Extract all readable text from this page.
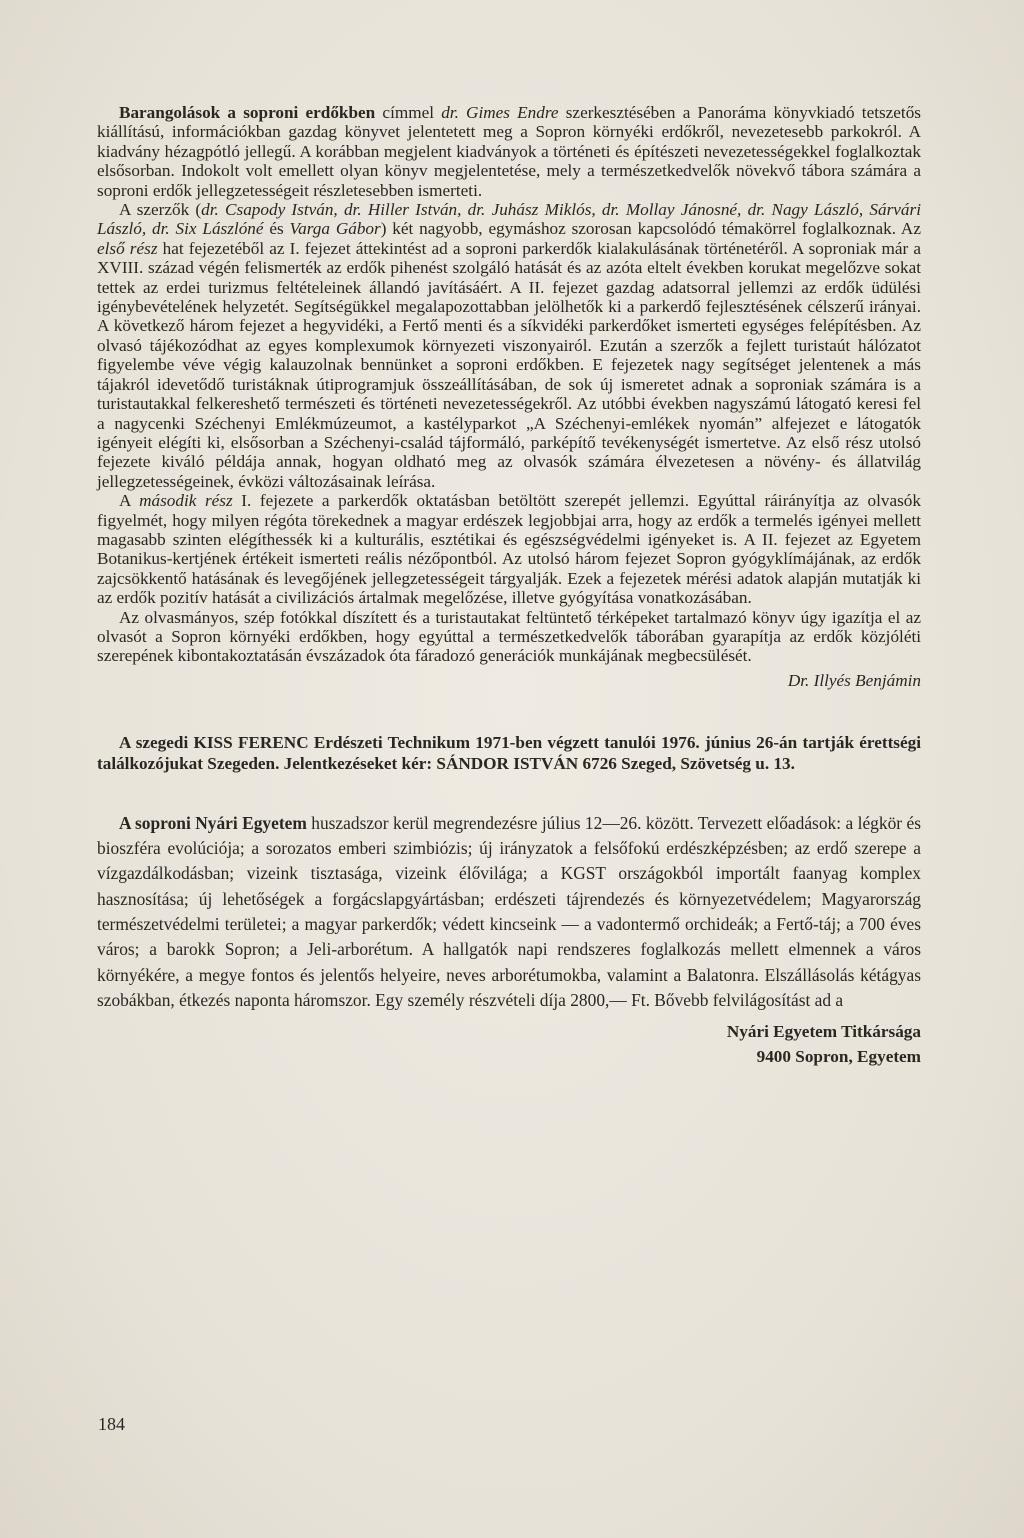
Barangolások a soproni erdőkben címmel dr. Gimes Endre szerkesztésében a Panoráma könyvkiadó tetszetős kiállítású, információkban gazdag könyvet jelentetett meg a Sopron környéki erdőkről, nevezetesebb parkokról. A kiadvány hézagpótló jellegű. A korábban megjelent kiadványok a történeti és építészeti nevezetességekkel foglalkoztak elsősorban. Indokolt volt emellett olyan könyv megjelentetése, mely a természetkedvelők növekvő tábora számára a soproni erdők jellegzetességeit részletesebben ismerteti.

A szerzők (dr. Csapody István, dr. Hiller István, dr. Juhász Miklós, dr. Mollay Jánosné, dr. Nagy László, Sárvári László, dr. Six Lászlóné és Varga Gábor) két nagyobb, egymáshoz szorosan kapcsolódó témakörrel foglalkoznak. Az első rész hat fejezetéből az I. fejezet áttekintést ad a soproni parkerdők kialakulásának történetéről. A soproniak már a XVIII. század végén felismerték az erdők pihenést szolgáló hatását és az azóta eltelt években korukat megelőzve sokat tettek az erdei turizmus feltételeinek állandó javításáért. A II. fejezet gazdag adatsorral jellemzi az erdők üdülési igénybevételének helyzetét. Segítségükkel megalapozottabban jelölhetők ki a parkerdő fejlesztésének célszerű irányai. A következő három fejezet a hegyvidéki, a Fertő menti és a síkvidéki parkerdőket ismerteti egységes felépítésben. Az olvasó tájékozódhat az egyes komplexumok környezeti viszonyairól. Ezután a szerzők a fejlett turistaút hálózatot figyelembe véve végig kalauzolnak bennünket a soproni erdőkben. E fejezetek nagy segítséget jelentenek a más tájakról idevetődő turistáknak útiprogramjuk összeállításában, de sok új ismeretet adnak a soproniak számára is a turistautakkal felkereshető természeti és történeti nevezetességekről. Az utóbbi években nagyszámú látogató keresi fel a nagycenki Széchenyi Emlékmúzeumot, a kastélyparkot „A Széchenyi-emlékek nyomán” alfejezet e látogatók igényeit elégíti ki, elsősorban a Széchenyi-család tájformáló, parképítő tevékenységét ismertetve. Az első rész utolsó fejezete kiváló példája annak, hogyan oldható meg az olvasók számára élvezetesen a növény- és állatvilág jellegzetességeinek, évközi változásainak leírása.

A második rész I. fejezete a parkerdők oktatásban betöltött szerepét jellemzi. Egyúttal ráirányítja az olvasók figyelmét, hogy milyen régóta törekednek a magyar erdészek legjobbjai arra, hogy az erdők a termelés igényei mellett magasabb szinten elégíthessék ki a kulturális, esztétikai és egészségvédelmi igényeket is. A II. fejezet az Egyetem Botanikus-kertjének értékeit ismerteti reális nézőpontból. Az utolsó három fejezet Sopron gyógyklímájának, az erdők zajcsökkentő hatásának és levegőjének jellegzetességeit tárgyalják. Ezek a fejezetek mérési adatok alapján mutatják ki az erdők pozitív hatását a civilizációs ártalmak megelőzése, illetve gyógyítása vonatkozásában.

Az olvasmányos, szép fotókkal díszített és a turistautakat feltüntető térképeket tartalmazó könyv úgy igazítja el az olvasót a Sopron környéki erdőkben, hogy egyúttal a természetkedvelők táborában gyarapítja az erdők közjóléti szerepének kibontakoztatásán évszázadok óta fáradozó generációk munkájának megbecsülését.

Dr. Illyés Benjámin
A szegedi KISS FERENC Erdészeti Technikum 1971-ben végzett tanulói 1976. június 26-án tartják érettségi találkozójukat Szegeden. Jelentkezéseket kér: SÁNDOR ISTVÁN 6726 Szeged, Szövetség u. 13.

A soproni Nyári Egyetem huszadszor kerül megrendezésre július 12—26. között. Tervezett előadások: a légkör és bioszféra evolúciója; a sorozatos emberi szimbiózis; új irányzatok a felsőfokú erdészképzésben; az erdő szerepe a vízgazdálkodásban; vizeink tisztasága, vizeink élővilága; a KGST országokból importált faanyag komplex hasznosítása; új lehetőségek a forgácslapgyártásban; erdészeti tájrendezés és környezetvédelem; Magyarország természetvédelmi területei; a magyar parkerdők; védett kincseink — a vadontermő orchideák; a Fertő-táj; a 700 éves város; a barokk Sopron; a Jeli-arborétum. A hallgatók napi rendszeres foglalkozás mellett elmennek a város környékére, a megye fontos és jelentős helyeire, neves arborétumokba, valamint a Balatonra. Elszállásolás kétágyas szobákban, étkezés naponta háromszor. Egy személy részvételi díja 2800,— Ft. Bővebb felvilágosítást ad a

Nyári Egyetem Titkársága
9400 Sopron, Egyetem
184
